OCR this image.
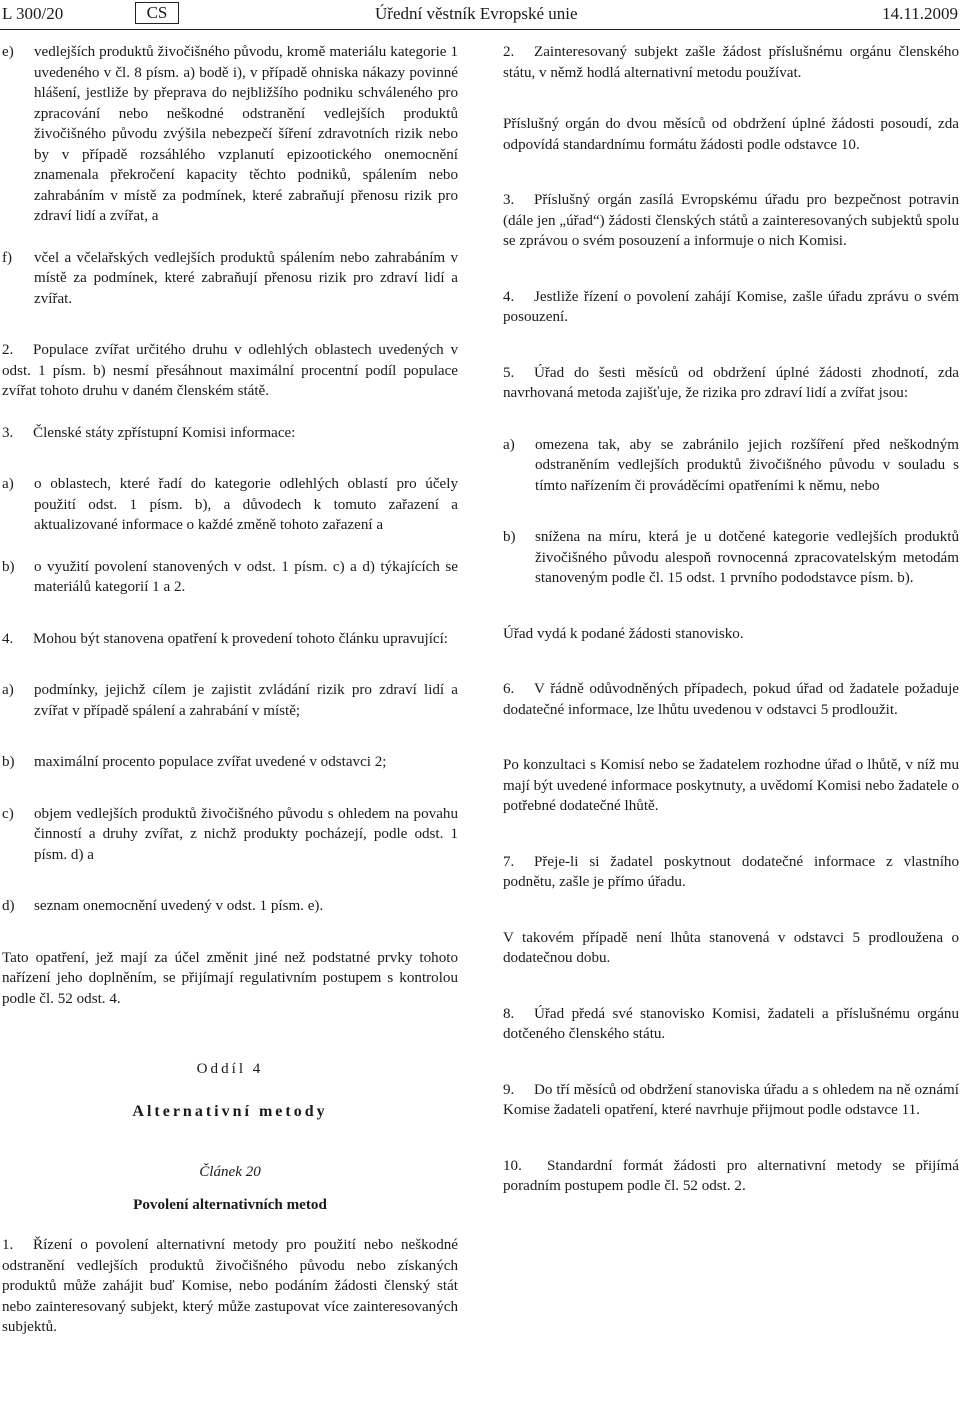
L 300/20	CS	Úřední věstník Evropské unie	14.11.2009
e) vedlejších produktů živočišného původu, kromě materiálu kategorie 1 uvedeného v čl. 8 písm. a) bodě i), v případě ohniska nákazy povinné hlášení, jestliže by přeprava do nejbližšího podniku schváleného pro zpracování nebo neškodné odstranění vedlejších produktů živočišného původu zvýšila nebezpečí šíření zdravotních rizik nebo by v případě rozsáhlého vzplanutí epizootického onemocnění znamenala překročení kapacity těchto podniků, spálením nebo zahrabáním v místě za podmínek, které zabraňují přenosu rizik pro zdraví lidí a zvířat, a
f) včel a včelařských vedlejších produktů spálením nebo zahrabáním v místě za podmínek, které zabraňují přenosu rizik pro zdraví lidí a zvířat.

2. Populace zvířat určitého druhu v odlehlých oblastech uvedených v odst. 1 písm. b) nesmí přesáhnout maximální procentní podíl populace zvířat tohoto druhu v daném členském státě.

3. Členské státy zpřístupní Komisi informace:

a) o oblastech, které řadí do kategorie odlehlých oblastí pro účely použití odst. 1 písm. b), a důvodech k tomuto zařazení a aktualizované informace o každé změně tohoto zařazení a
b) o využití povolení stanovených v odst. 1 písm. c) a d) týkajících se materiálů kategorií 1 a 2.

4. Mohou být stanovena opatření k provedení tohoto článku upravující:

a) podmínky, jejichž cílem je zajistit zvládání rizik pro zdraví lidí a zvířat v případě spálení a zahrabání v místě;
b) maximální procento populace zvířat uvedené v odstavci 2;
c) objem vedlejších produktů živočišného původu s ohledem na povahu činností a druhy zvířat, z nichž produkty pocházejí, podle odst. 1 písm. d) a
d) seznam onemocnění uvedený v odst. 1 písm. e).

Tato opatření, jež mají za účel změnit jiné než podstatné prvky tohoto nařízení jeho doplněním, se přijímají regulativním postupem s kontrolou podle čl. 52 odst. 4.

Oddíl 4
Alternativní metody
Článek 20
Povolení alternativních metod

1. Řízení o povolení alternativní metody pro použití nebo neškodné odstranění vedlejších produktů živočišného původu nebo získaných produktů může zahájit buď Komise, nebo podáním žádosti členský stát nebo zainteresovaný subjekt, který může zastupovat více zainteresovaných subjektů.

2. Zainteresovaný subjekt zašle žádost příslušnému orgánu členského státu, v němž hodlá alternativní metodu používat.

Příslušný orgán do dvou měsíců od obdržení úplné žádosti posoudí, zda odpovídá standardnímu formátu žádosti podle odstavce 10.

3. Příslušný orgán zasílá Evropskému úřadu pro bezpečnost potravin (dále jen „úřad“) žádosti členských států a zainteresovaných subjektů spolu se zprávou o svém posouzení a informuje o nich Komisi.

4. Jestliže řízení o povolení zahájí Komise, zašle úřadu zprávu o svém posouzení.

5. Úřad do šesti měsíců od obdržení úplné žádosti zhodnotí, zda navrhovaná metoda zajišťuje, že rizika pro zdraví lidí a zvířat jsou:

a) omezena tak, aby se zabránilo jejich rozšíření před neškodným odstraněním vedlejších produktů živočišného původu v souladu s tímto nařízením či prováděcími opatřeními k němu, nebo
b) snížena na míru, která je u dotčené kategorie vedlejších produktů živočišného původu alespoň rovnocenná zpracovatelským metodám stanoveným podle čl. 15 odst. 1 prvního pododstavce písm. b).

Úřad vydá k podané žádosti stanovisko.

6. V řádně odůvodněných případech, pokud úřad od žadatele požaduje dodatečné informace, lze lhůtu uvedenou v odstavci 5 prodloužit.

Po konzultaci s Komisí nebo se žadatelem rozhodne úřad o lhůtě, v níž mu mají být uvedené informace poskytnuty, a uvědomí Komisi nebo žadatele o potřebné dodatečné lhůtě.

7. Přeje-li si žadatel poskytnout dodatečné informace z vlastního podnětu, zašle je přímo úřadu.

V takovém případě není lhůta stanovená v odstavci 5 prodloužena o dodatečnou dobu.

8. Úřad předá své stanovisko Komisi, žadateli a příslušnému orgánu dotčeného členského státu.

9. Do tří měsíců od obdržení stanoviska úřadu a s ohledem na ně oznámí Komise žadateli opatření, které navrhuje přijmout podle odstavce 11.

10. Standardní formát žádosti pro alternativní metody se přijímá poradním postupem podle čl. 52 odst. 2.
